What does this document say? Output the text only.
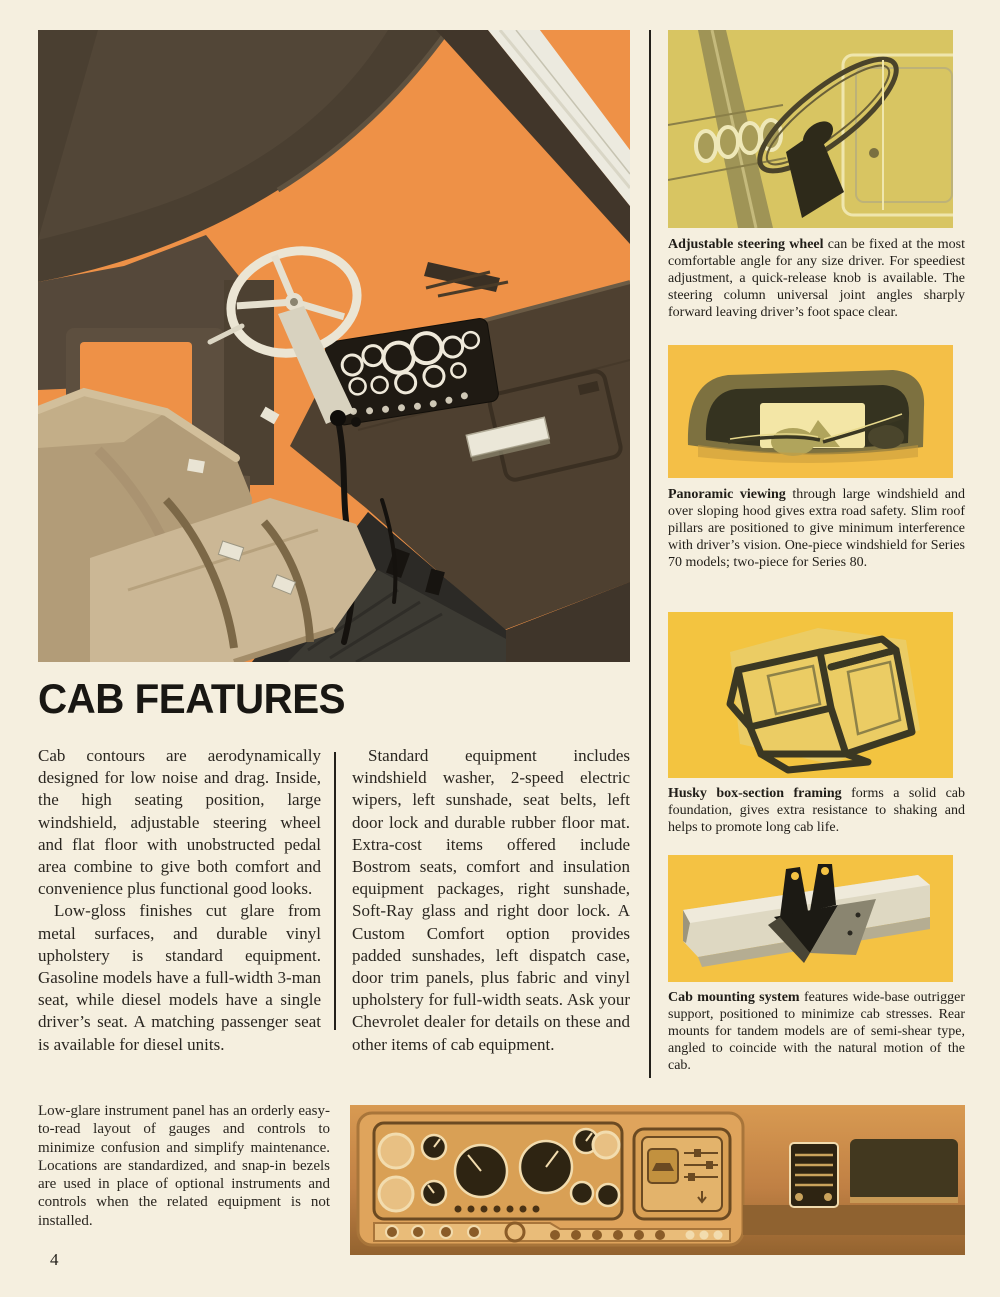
Adjustable steering wheel can be fixed at the most comfortable angle for any size driver. For speediest adjustment, a quick-release knob is available. The steering column universal joint angles sharply forward leaving driver’s foot space clear.
Panoramic viewing through large windshield and over sloping hood gives extra road safety. Slim roof pillars are positioned to give minimum interference with driver’s vision. One-piece windshield for Series 70 models; two-piece for Series 80.
Husky box-section framing forms a solid cab foundation, gives extra resistance to shaking and helps to promote long cab life.
Cab mounting system features wide-base outrigger support, positioned to minimize cab stresses. Rear mounts for tandem models are of semi-shear type, angled to coincide with the natural motion of the cab.
CAB FEATURES

Cab contours are aerodynamically designed for low noise and drag. Inside, the high seating position, large windshield, adjustable steering wheel and flat floor with unobstructed pedal area combine to give both comfort and convenience plus functional good looks.

Low-gloss finishes cut glare from metal surfaces, and durable vinyl upholstery is standard equipment. Gasoline models have a full-width 3-man seat, while diesel models have a single driver’s seat. A matching passenger seat is available for diesel units.

Standard equipment includes windshield washer, 2-speed electric wipers, left sunshade, seat belts, left door lock and durable rubber floor mat. Extra-cost items offered include Bostrom seats, comfort and insulation equipment packages, right sunshade, Soft-Ray glass and right door lock. A Custom Comfort option provides padded sunshades, left dispatch case, door trim panels, plus fabric and vinyl upholstery for full-width seats. Ask your Chevrolet dealer for details on these and other items of cab equipment.

Low-glare instrument panel has an orderly easy-to-read layout of gauges and controls to minimize confusion and simplify maintenance. Locations are standardized, and snap-in bezels are used in place of optional instruments and controls when the related equipment is not installed.
4
